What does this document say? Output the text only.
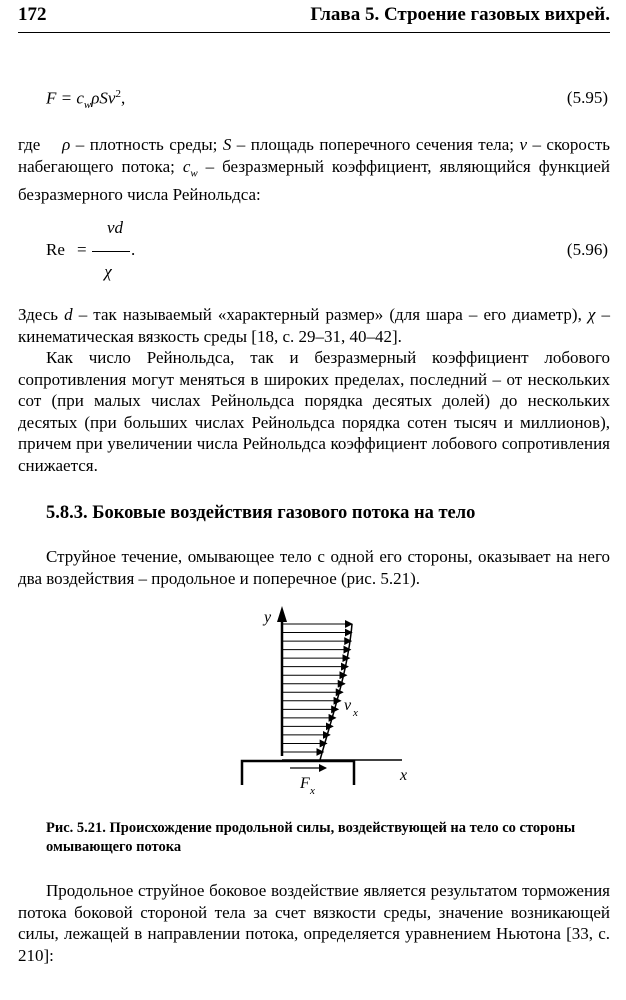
172	Глава 5. Строение газовых вихрей.
$F = c_w\rho Sv^2$,	(5.95)
где ρ – плотность среды; S – площадь поперечного сечения тела; v – скорость набегающего потока; $c_w$ – безразмерный коэффициент, являющийся функцией безразмерного числа Рейнольдса:
Re =
vd
.
χ
(5.96)
Здесь d – так называемый «характерный размер» (для шара – его диаметр), χ – кинематическая вязкость среды [18, с. 29–31, 40–42].
Как число Рейнольдса, так и безразмерный коэффициент лобового сопротивления могут меняться в широких пределах, последний – от нескольких сот (при малых числах Рейнольдса порядка десятых долей) до нескольких десятых (при больших числах Рейнольдса порядка сотен тысяч и миллионов), причем при увеличении числа Рейнольдса коэффициент лобового сопротивления снижается.
5.8.3. Боковые воздействия газового потока на тело
Струйное течение, омывающее тело с одной его стороны, оказывает на него два воздействия – продольное и поперечное (рис. 5.21).
y
x
v x
F x
Рис. 5.21. Происхождение продольной силы, воздействующей на тело со стороны омывающего потока
Продольное струйное боковое воздействие является результатом торможения потока боковой стороной тела за счет вязкости среды, значение возникающей силы, лежащей в направлении потока, определяется уравнением Ньютона [33, с. 210]:
